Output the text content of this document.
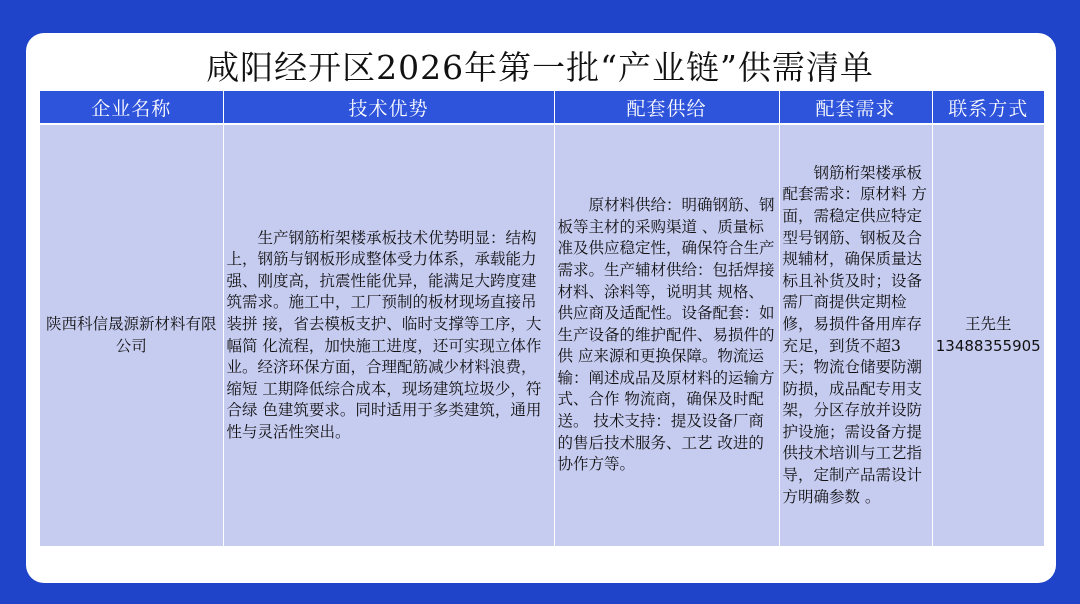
咸阳经开区2026年第一批“产业链”供需清单
企业名称	技术优势	配套供给	配套需求	联系方式
陕西科信晟源新材料有限公司	生产钢筋桁架楼承板技术优势明显：结构上，钢筋与钢板形成整体受力体系，承载能力强、刚度高，抗震性能优异，能满足大跨度建筑需求。施工中，工厂预制的板材现场直接吊装拼 接，省去模板支护、临时支撑等工序，大幅简 化流程，加快施工进度，还可实现立体作业。经济环保方面，合理配筋减少材料浪费，缩短 工期降低综合成本，现场建筑垃圾少，符合绿 色建筑要求。同时适用于多类建筑，通用性与灵活性突出。	原材料供给：明确钢筋、钢板等主材的采购渠道 、质量标准及供应稳定性，确保符合生产需求。生产辅材供给：包括焊接材料、涂料等，说明其 规格、供应商及适配性。设备配套：如生产设备的维护配件、易损件的供 应来源和更换保障。物流运输：阐述成品及原材料的运输方式、合作 物流商，确保及时配送。 技术支持：提及设备厂商的售后技术服务、工艺 改进的协作方等。	钢筋桁架楼承板配套需求：原材料 方面，需稳定供应特定型号钢筋、钢板及合规辅材，确保质量达标且补货及时；设备需厂商提供定期检修，易损件备用库存充足，到货不超3天；物流仓储要防潮防损，成品配专用支架，分区存放并设防护设施；需设备方提供技术培训与工艺指导，定制产品需设计方明确参数 。	王先生
13488355905
